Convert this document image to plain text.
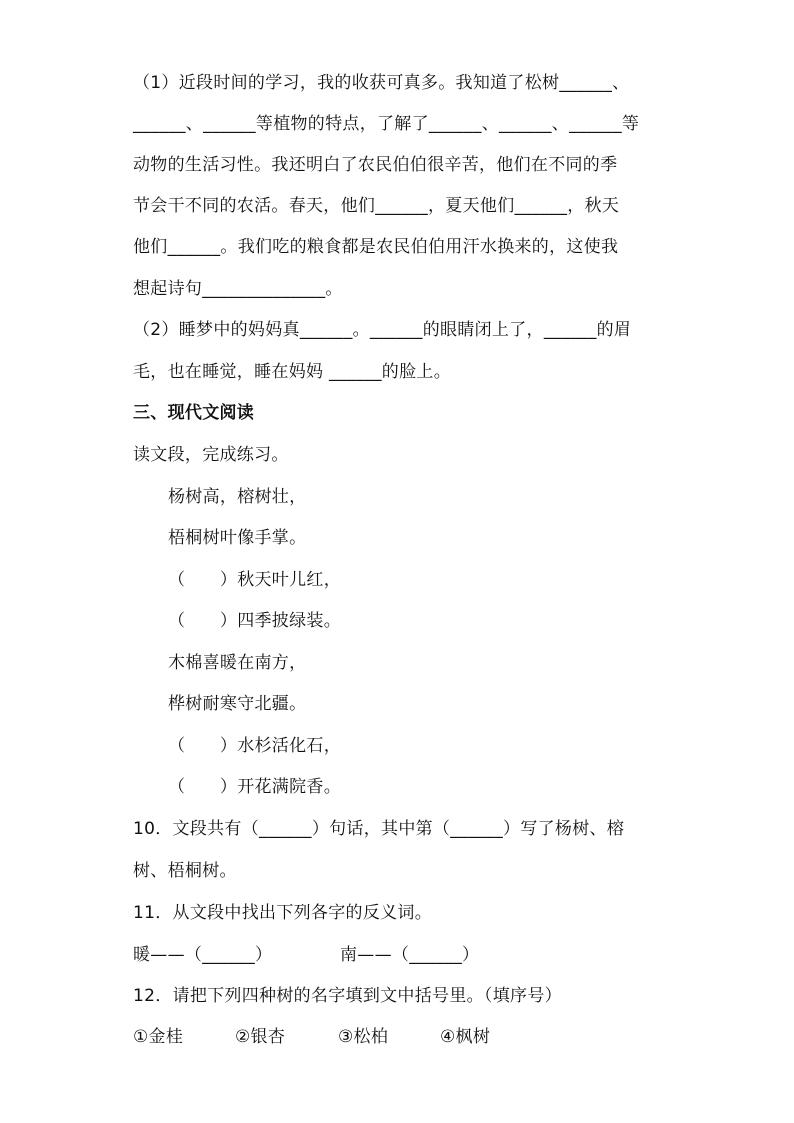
（1）近段时间的学习，我的收获可真多。我知道了松树______、
______、______等植物的特点，了解了______、______、______等
动物的生活习性。我还明白了农民伯伯很辛苦，他们在不同的季
节会干不同的农活。春天，他们______，夏天他们______，秋天
他们______。我们吃的粮食都是农民伯伯用汗水换来的，这使我
想起诗句______________。
（2）睡梦中的妈妈真______。______的眼睛闭上了，______的眉
毛，也在睡觉，睡在妈妈 ______的脸上。
三、现代文阅读
读文段，完成练习。
杨树高，榕树壮，
梧桐树叶像手掌。
（　　）秋天叶儿红，
（　　）四季披绿装。
木棉喜暖在南方，
桦树耐寒守北疆。
（　　）水杉活化石，
（　　）开花满院香。
10．文段共有（______）句话，其中第（______）写了杨树、榕
树、梧桐树。
11．从文段中找出下列各字的反义词。
暖——（______）	南——（______）
12．请把下列四种树的名字填到文中括号里。（填序号）
①金桂	②银杏	③松柏	④枫树
